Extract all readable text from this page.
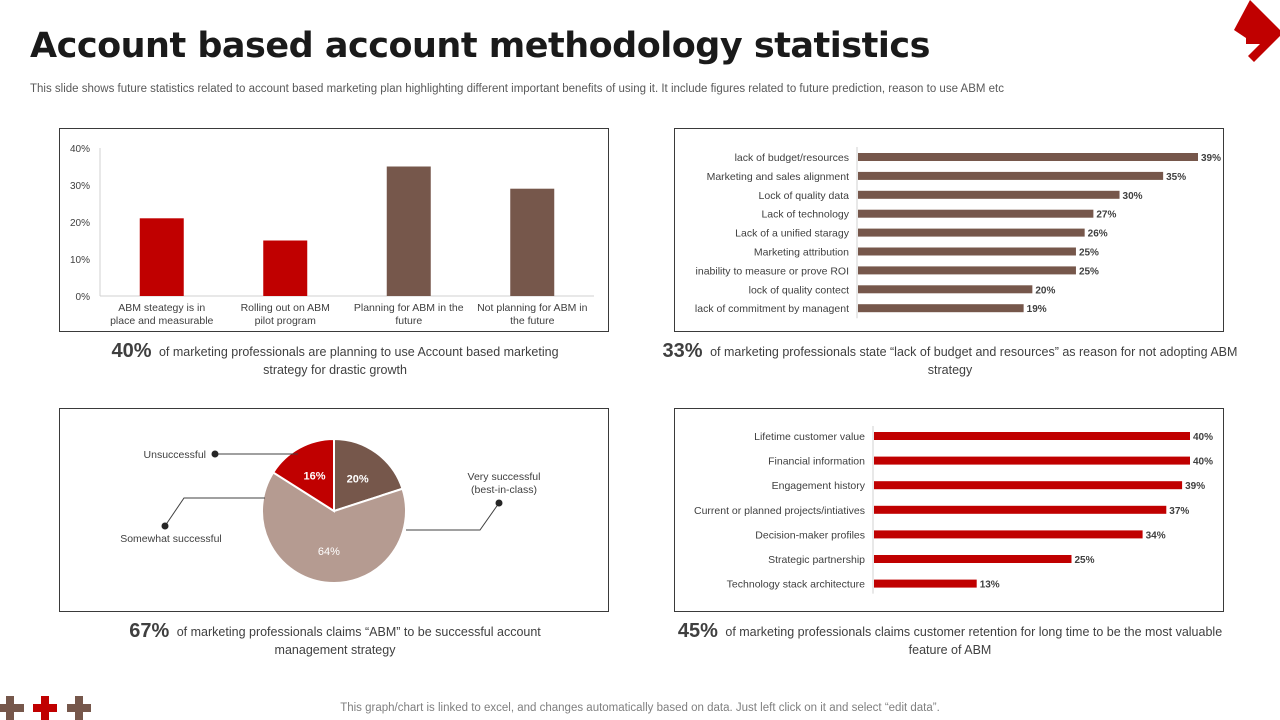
Account based account methodology statistics
This slide shows future statistics related to account based marketing plan highlighting different important benefits of using it. It include figures related to future prediction, reason to use ABM etc
0%
10%
20%
30%
40%
ABM steategy is in place and measurable
Rolling out on ABM pilot program
Planning for ABM in the future
Not planning for ABM in the future
40% of marketing professionals are planning to use Account based marketing strategy for drastic growth
lack of budget/resources	39%
Marketing and sales alignment	35%
Lock of quality data	30%
Lack of technology	27%
Lack of a unified staragy	26%
Marketing attribution	25%
inability to measure or prove ROI	25%
lock of quality contect	20%
lack of commitment by managent	19%
33% of marketing professionals state “lack of budget and resources” as reason for not adopting ABM strategy
20%
64%
16%
Unsuccessful
Somewhat successful
Very successful
(best-in-class)
67% of marketing professionals claims “ABM” to be successful account management strategy
Lifetime customer value	40%
Financial information	40%
Engagement history	39%
Current or planned projects/intiatives	37%
Decision-maker profiles	34%
Strategic partnership	25%
Technology stack architecture	13%
45% of marketing professionals claims customer retention for long time to be the most valuable feature of ABM
This graph/chart is linked to excel, and changes automatically based on data. Just left click on it and select “edit data”.
